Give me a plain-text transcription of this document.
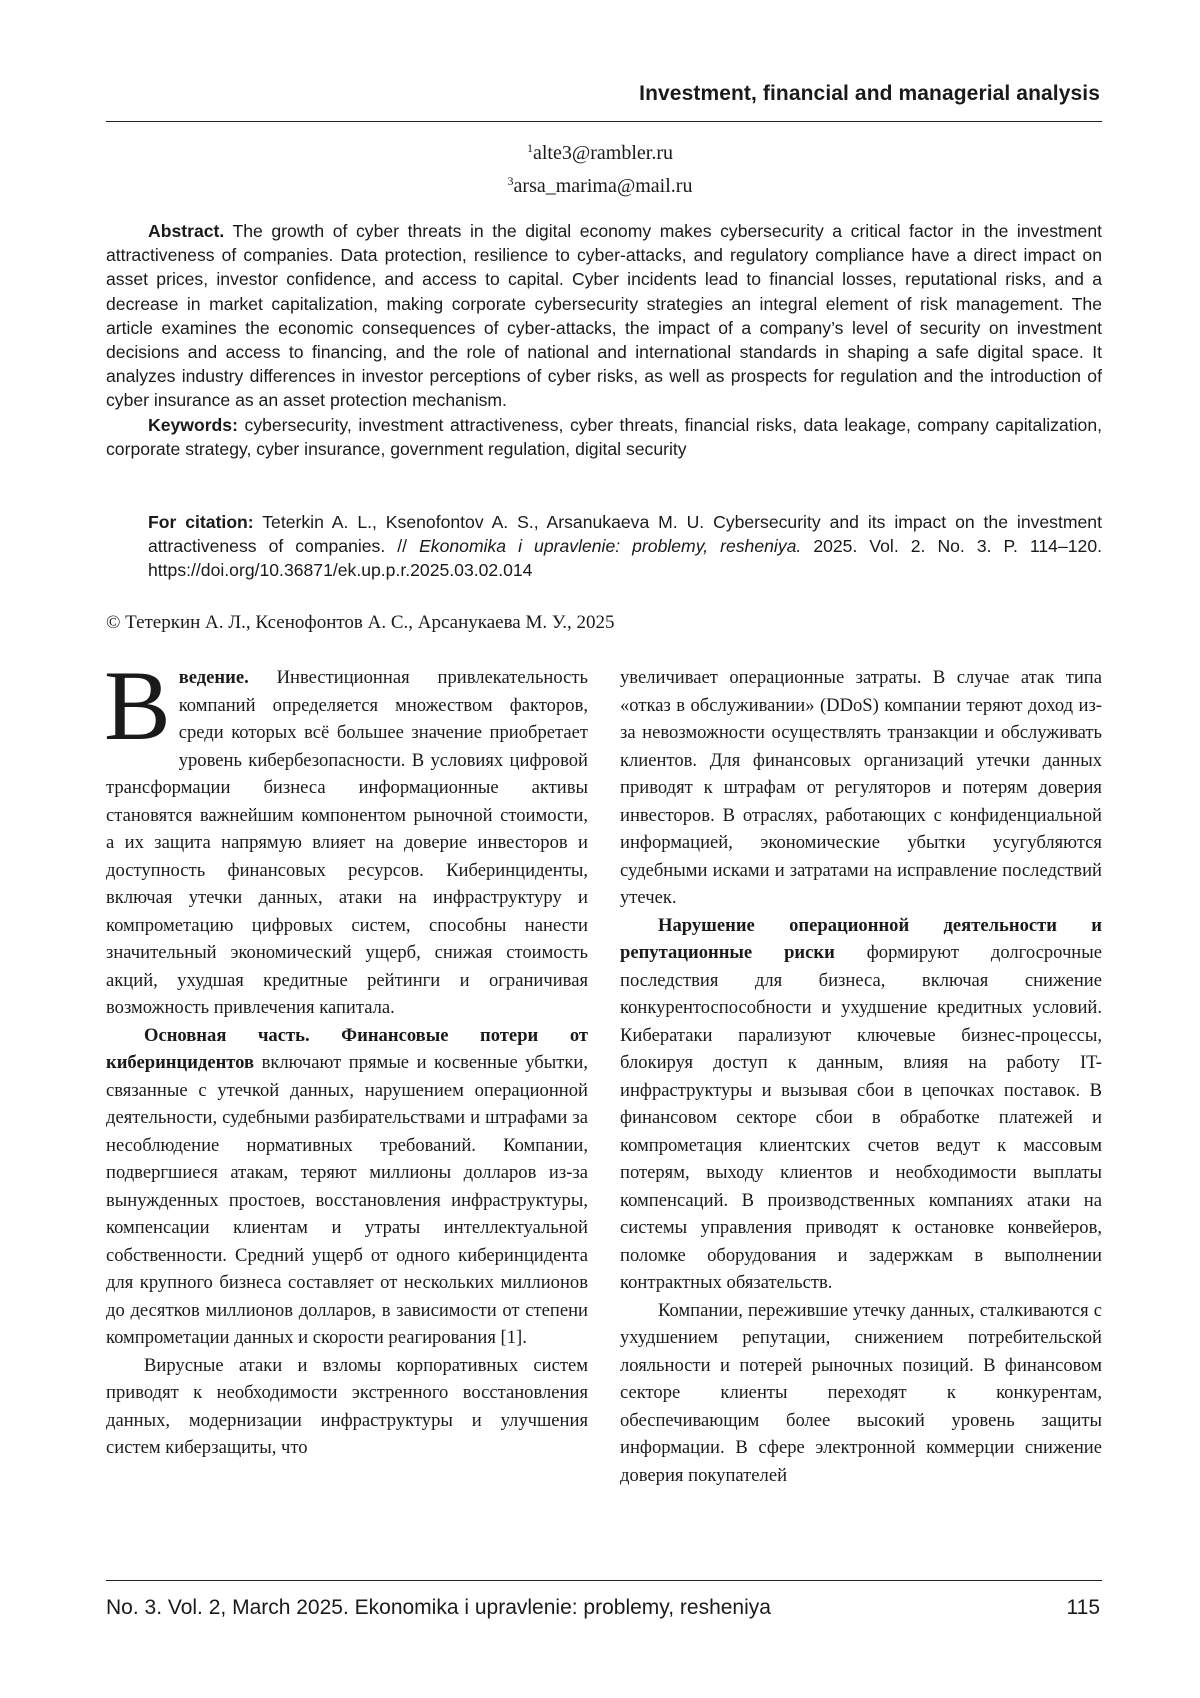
Investment, financial and managerial analysis
$^1$alte3@rambler.ru
$^3$arsa_marima@mail.ru

Abstract. The growth of cyber threats in the digital economy makes cybersecurity a critical factor in the investment attractiveness of companies. Data protection, resilience to cyber-attacks, and regulatory compliance have a direct impact on asset prices, investor confidence, and access to capital. Cyber incidents lead to financial losses, reputational risks, and a decrease in market capitalization, making corporate cybersecurity strategies an integral element of risk management. The article examines the economic consequences of cyber-attacks, the impact of a company’s level of security on investment decisions and access to financing, and the role of national and international standards in shaping a safe digital space. It analyzes industry differences in investor perceptions of cyber risks, as well as prospects for regulation and the introduction of cyber insurance as an asset protection mechanism.

Keywords: cybersecurity, investment attractiveness, cyber threats, financial risks, data leakage, company capitalization, corporate strategy, cyber insurance, government regulation, digital security

For citation: Teterkin A. L., Ksenofontov A. S., Arsanukaeva M. U. Cybersecurity and its impact on the investment attractiveness of companies. // Ekonomika i upravlenie: problemy, resheniya. 2025. Vol. 2. No. 3. P. 114–120. https://doi.org/10.36871/ek.up.p.r.2025.03.02.014

© Тетеркин А. Л., Ксенофонтов А. С., Арсанукаева М. У., 2025

Введение. Инвестиционная привлекательность компаний определяется множеством факторов, среди которых всё большее значение приобретает уровень кибербезопасности. В условиях цифровой трансформации бизнеса информационные активы становятся важнейшим компонентом рыночной стоимости, а их защита напрямую влияет на доверие инвесторов и доступность финансовых ресурсов. Киберинциденты, включая утечки данных, атаки на инфраструктуру и компрометацию цифровых систем, способны нанести значительный экономический ущерб, снижая стоимость акций, ухудшая кредитные рейтинги и ограничивая возможность привлечения капитала.

Основная часть. Финансовые потери от киберинцидентов включают прямые и косвенные убытки, связанные с утечкой данных, нарушением операционной деятельности, судебными разбирательствами и штрафами за несоблюдение нормативных требований. Компании, подвергшиеся атакам, теряют миллионы долларов из-за вынужденных простоев, восстановления инфраструктуры, компенсации клиентам и утраты интеллектуальной собственности. Средний ущерб от одного киберинцидента для крупного бизнеса составляет от нескольких миллионов до десятков миллионов долларов, в зависимости от степени компрометации данных и скорости реагирования [1].

Вирусные атаки и взломы корпоративных систем приводят к необходимости экстренного восстановления данных, модернизации инфраструктуры и улучшения систем киберзащиты, что

увеличивает операционные затраты. В случае атак типа «отказ в обслуживании» (DDoS) компании теряют доход из-за невозможности осуществлять транзакции и обслуживать клиентов. Для финансовых организаций утечки данных приводят к штрафам от регуляторов и потерям доверия инвесторов. В отраслях, работающих с конфиденциальной информацией, экономические убытки усугубляются судебными исками и затратами на исправление последствий утечек.

Нарушение операционной деятельности и репутационные риски формируют долгосрочные последствия для бизнеса, включая снижение конкурентоспособности и ухудшение кредитных условий. Кибератаки парализуют ключевые бизнес-процессы, блокируя доступ к данным, влияя на работу IT-инфраструктуры и вызывая сбои в цепочках поставок. В финансовом секторе сбои в обработке платежей и компрометация клиентских счетов ведут к массовым потерям, выходу клиентов и необходимости выплаты компенсаций. В производственных компаниях атаки на системы управления приводят к остановке конвейеров, поломке оборудования и задержкам в выполнении контрактных обязательств.

Компании, пережившие утечку данных, сталкиваются с ухудшением репутации, снижением потребительской лояльности и потерей рыночных позиций. В финансовом секторе клиенты переходят к конкурентам, обеспечивающим более высокий уровень защиты информации. В сфере электронной коммерции снижение доверия покупателей

No. 3. Vol. 2, March 2025. Ekonomika i upravlenie: problemy, resheniya	115
